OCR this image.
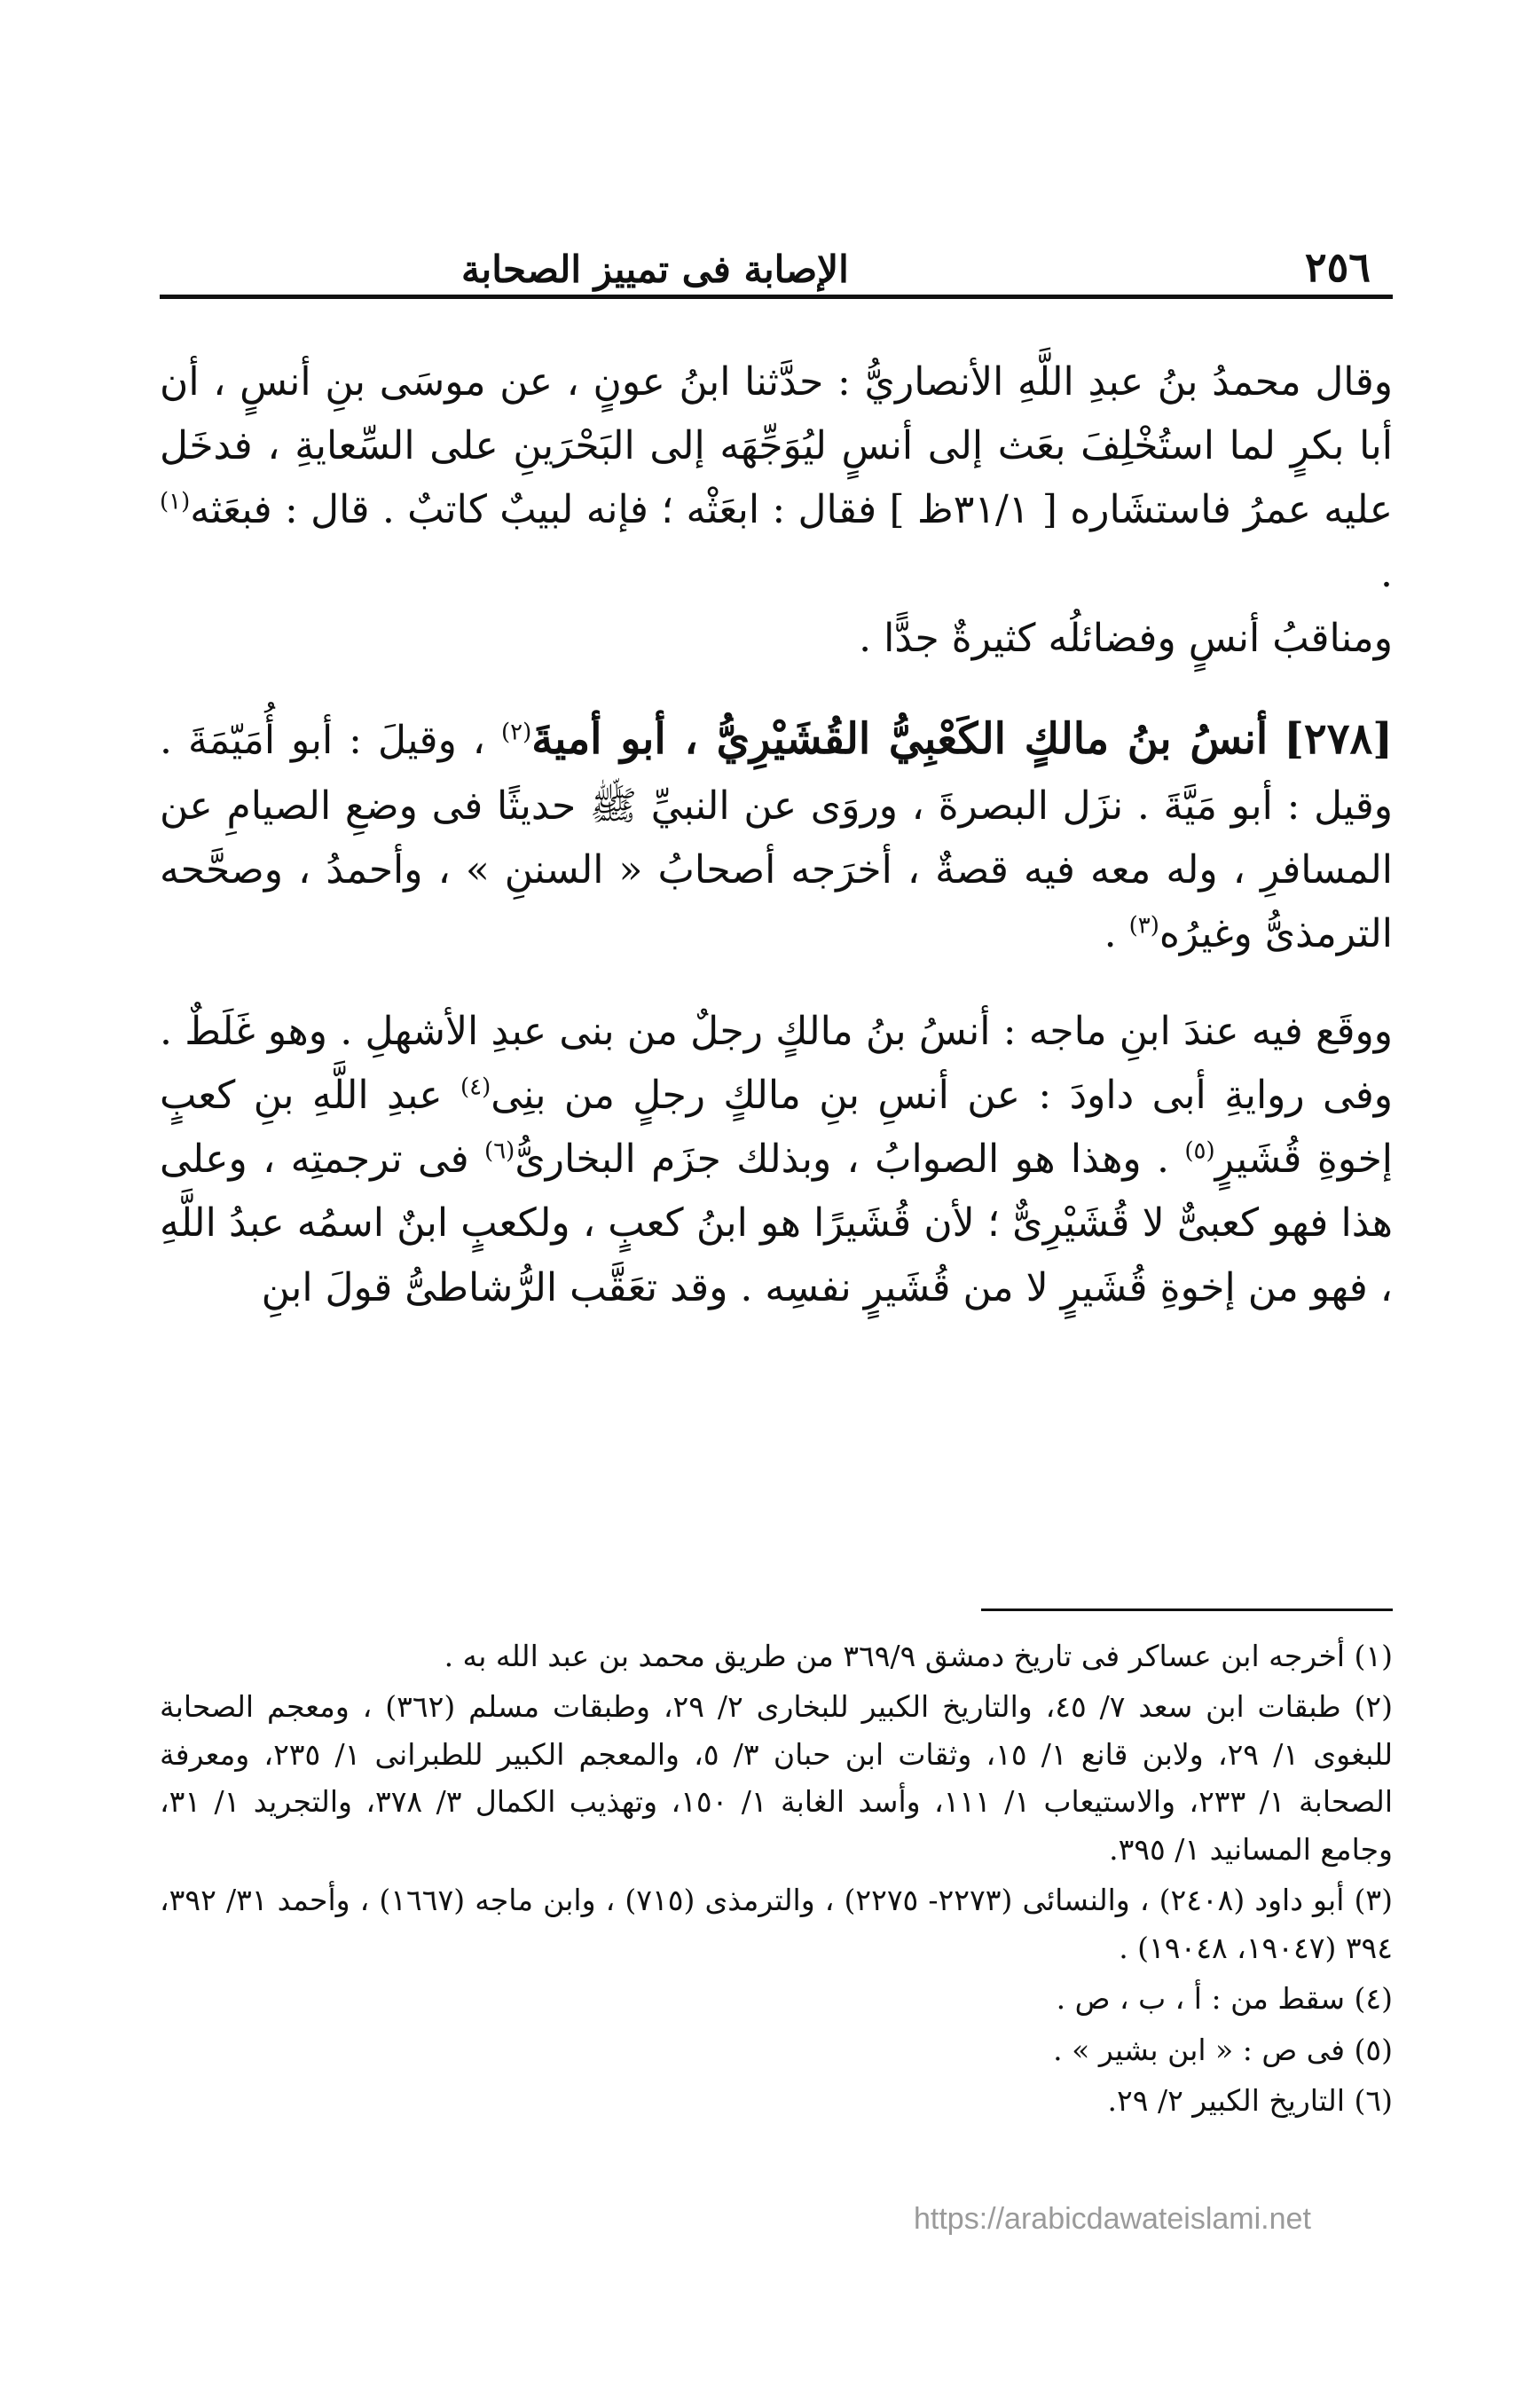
٢٥٦
الإصابة فى تمييز الصحابة

وقال محمدُ بنُ عبدِ اللَّهِ الأنصاريُّ : حدَّثنا ابنُ عونٍ ، عن موسَى بنِ أنسٍ ، أن أبا بكرٍ لما استُخْلِفَ بعَث إلى أنسٍ ليُوَجِّهَه إلى البَحْرَينِ على السِّعايةِ ، فدخَل عليه عمرُ فاستشَاره [ ٣١/١ظ ] فقال : ابعَثْه ؛ فإنه لبيبٌ كاتبٌ . قال : فبعَثه$^{(١)}$ .

ومناقبُ أنسٍ وفضائلُه كثيرةٌ جدًّا .

[٢٧٨] أنسُ بنُ مالكٍ الكَعْبِيُّ القُشَيْرِيُّ ، أبو أميةَ$^{(٢)}$ ، وقيلَ : أبو أُمَيّمَةَ . وقيل : أبو مَيَّةَ . نزَل البصرةَ ، وروَى عن النبيِّ ﷺ حديثًا فى وضعِ الصيامِ عن المسافرِ ، وله معه فيه قصةٌ ، أخرَجه أصحابُ « السننِ » ، وأحمدُ ، وصحَّحه الترمذىُّ وغيرُه$^{(٣)}$ .

ووقَع فيه عندَ ابنِ ماجه : أنسُ بنُ مالكٍ رجلٌ من بنى عبدِ الأشهلِ . وهو غَلَطٌ . وفى روايةِ أبى داودَ : عن أنسِ بنِ مالكٍ رجلٍ من بنِى$^{(٤)}$ عبدِ اللَّهِ بنِ كعبٍ إخوةِ قُشَيرٍ$^{(٥)}$ . وهذا هو الصوابُ ، وبذلك جزَم البخارىُّ$^{(٦)}$ فى ترجمتِه ، وعلى هذا فهو كعبىٌّ لا قُشَيْرِىٌّ ؛ لأن قُشَيرًا هو ابنُ كعبٍ ، ولكعبٍ ابنٌ اسمُه عبدُ اللَّهِ ، فهو من إخوةِ قُشَيرٍ لا من قُشَيرٍ نفسِه . وقد تعَقَّب الرُّشاطىُّ قولَ ابنِ

(١) أخرجه ابن عساكر فى تاريخ دمشق ٣٦٩/٩ من طريق محمد بن عبد الله به .

(٢) طبقات ابن سعد ٧/ ٤٥، والتاريخ الكبير للبخارى ٢/ ٢٩، وطبقات مسلم (٣٦٢) ، ومعجم الصحابة للبغوى ١/ ٢٩، ولابن قانع ١/ ١٥، وثقات ابن حبان ٣/ ٥، والمعجم الكبير للطبرانى ١/ ٢٣٥، ومعرفة الصحابة ١/ ٢٣٣، والاستيعاب ١/ ١١١، وأسد الغابة ١/ ١٥٠، وتهذيب الكمال ٣/ ٣٧٨، والتجريد ١/ ٣١، وجامع المسانيد ١/ ٣٩٥.

(٣) أبو داود (٢٤٠٨) ، والنسائى (٢٢٧٣- ٢٢٧٥) ، والترمذى (٧١٥) ، وابن ماجه (١٦٦٧) ، وأحمد ٣١/ ٣٩٢، ٣٩٤ (١٩٠٤٧، ١٩٠٤٨) .

(٤) سقط من : أ ، ب ، ص .

(٥) فى ص : « ابن بشير » .

(٦) التاريخ الكبير ٢/ ٢٩.

https://arabicdawateislami.net
